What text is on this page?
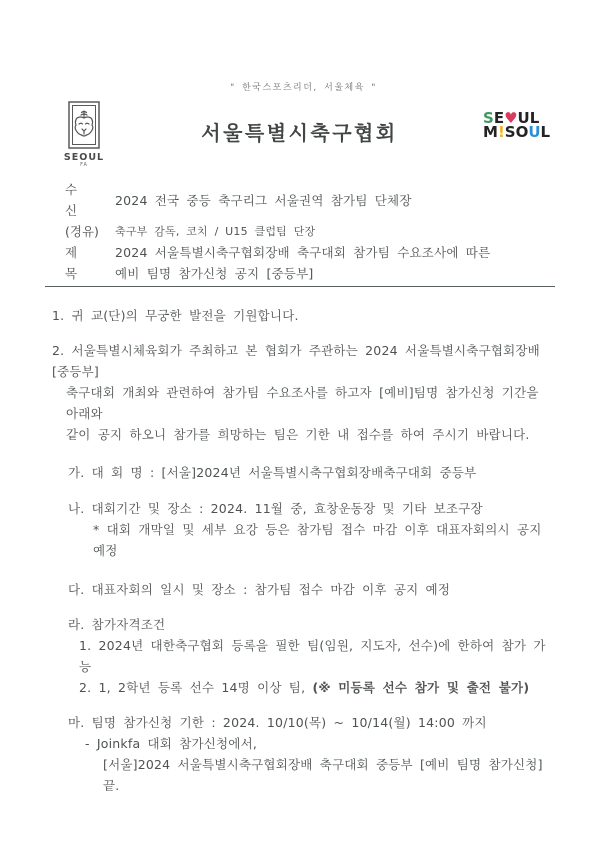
" 한국스포츠리더, 서울체육 "
SEOUL
FA
서울특별시축구협회
SE♥UL
M!SOUL
수 신
2024 전국 중등 축구리그 서울권역 참가팀 단체장
(경유) 축구부 감독, 코치 / U15 클럽팀 단장
제 목
2024 서울특별시축구협회장배 축구대회 참가팀 수요조사에 따른
예비 팀명 참가신청 공지 [중등부]
1. 귀 교(단)의 무궁한 발전을 기원합니다.
2. 서울특별시체육회가 주최하고 본 협회가 주관하는 2024 서울특별시축구협회장배[중등부]
축구대회 개최와 관련하여 참가팀 수요조사를 하고자 [예비]팀명 참가신청 기간을 아래와
같이 공지 하오니 참가를 희망하는 팀은 기한 내 접수를 하여 주시기 바랍니다.
가. 대 회 명 : [서울]2024년 서울특별시축구협회장배축구대회 중등부
나. 대회기간 및 장소 : 2024. 11월 중, 효창운동장 및 기타 보조구장
* 대회 개막일 및 세부 요강 등은 참가팀 접수 마감 이후 대표자회의시 공지 예정
다. 대표자회의 일시 및 장소 : 참가팀 접수 마감 이후 공지 예정
라. 참가자격조건
1. 2024년 대한축구협회 등록을 필한 팀(임원, 지도자, 선수)에 한하여 참가 가능
2. 1, 2학년 등록 선수 14명 이상 팀, (※ 미등록 선수 참가 및 출전 불가)
마. 팀명 참가신청 기한 : 2024. 10/10(목) ~ 10/14(월) 14:00 까지
- Joinkfa 대회 참가신청에서,
[서울]2024 서울특별시축구협회장배 축구대회 중등부 [예비 팀명 참가신청] 끝.
